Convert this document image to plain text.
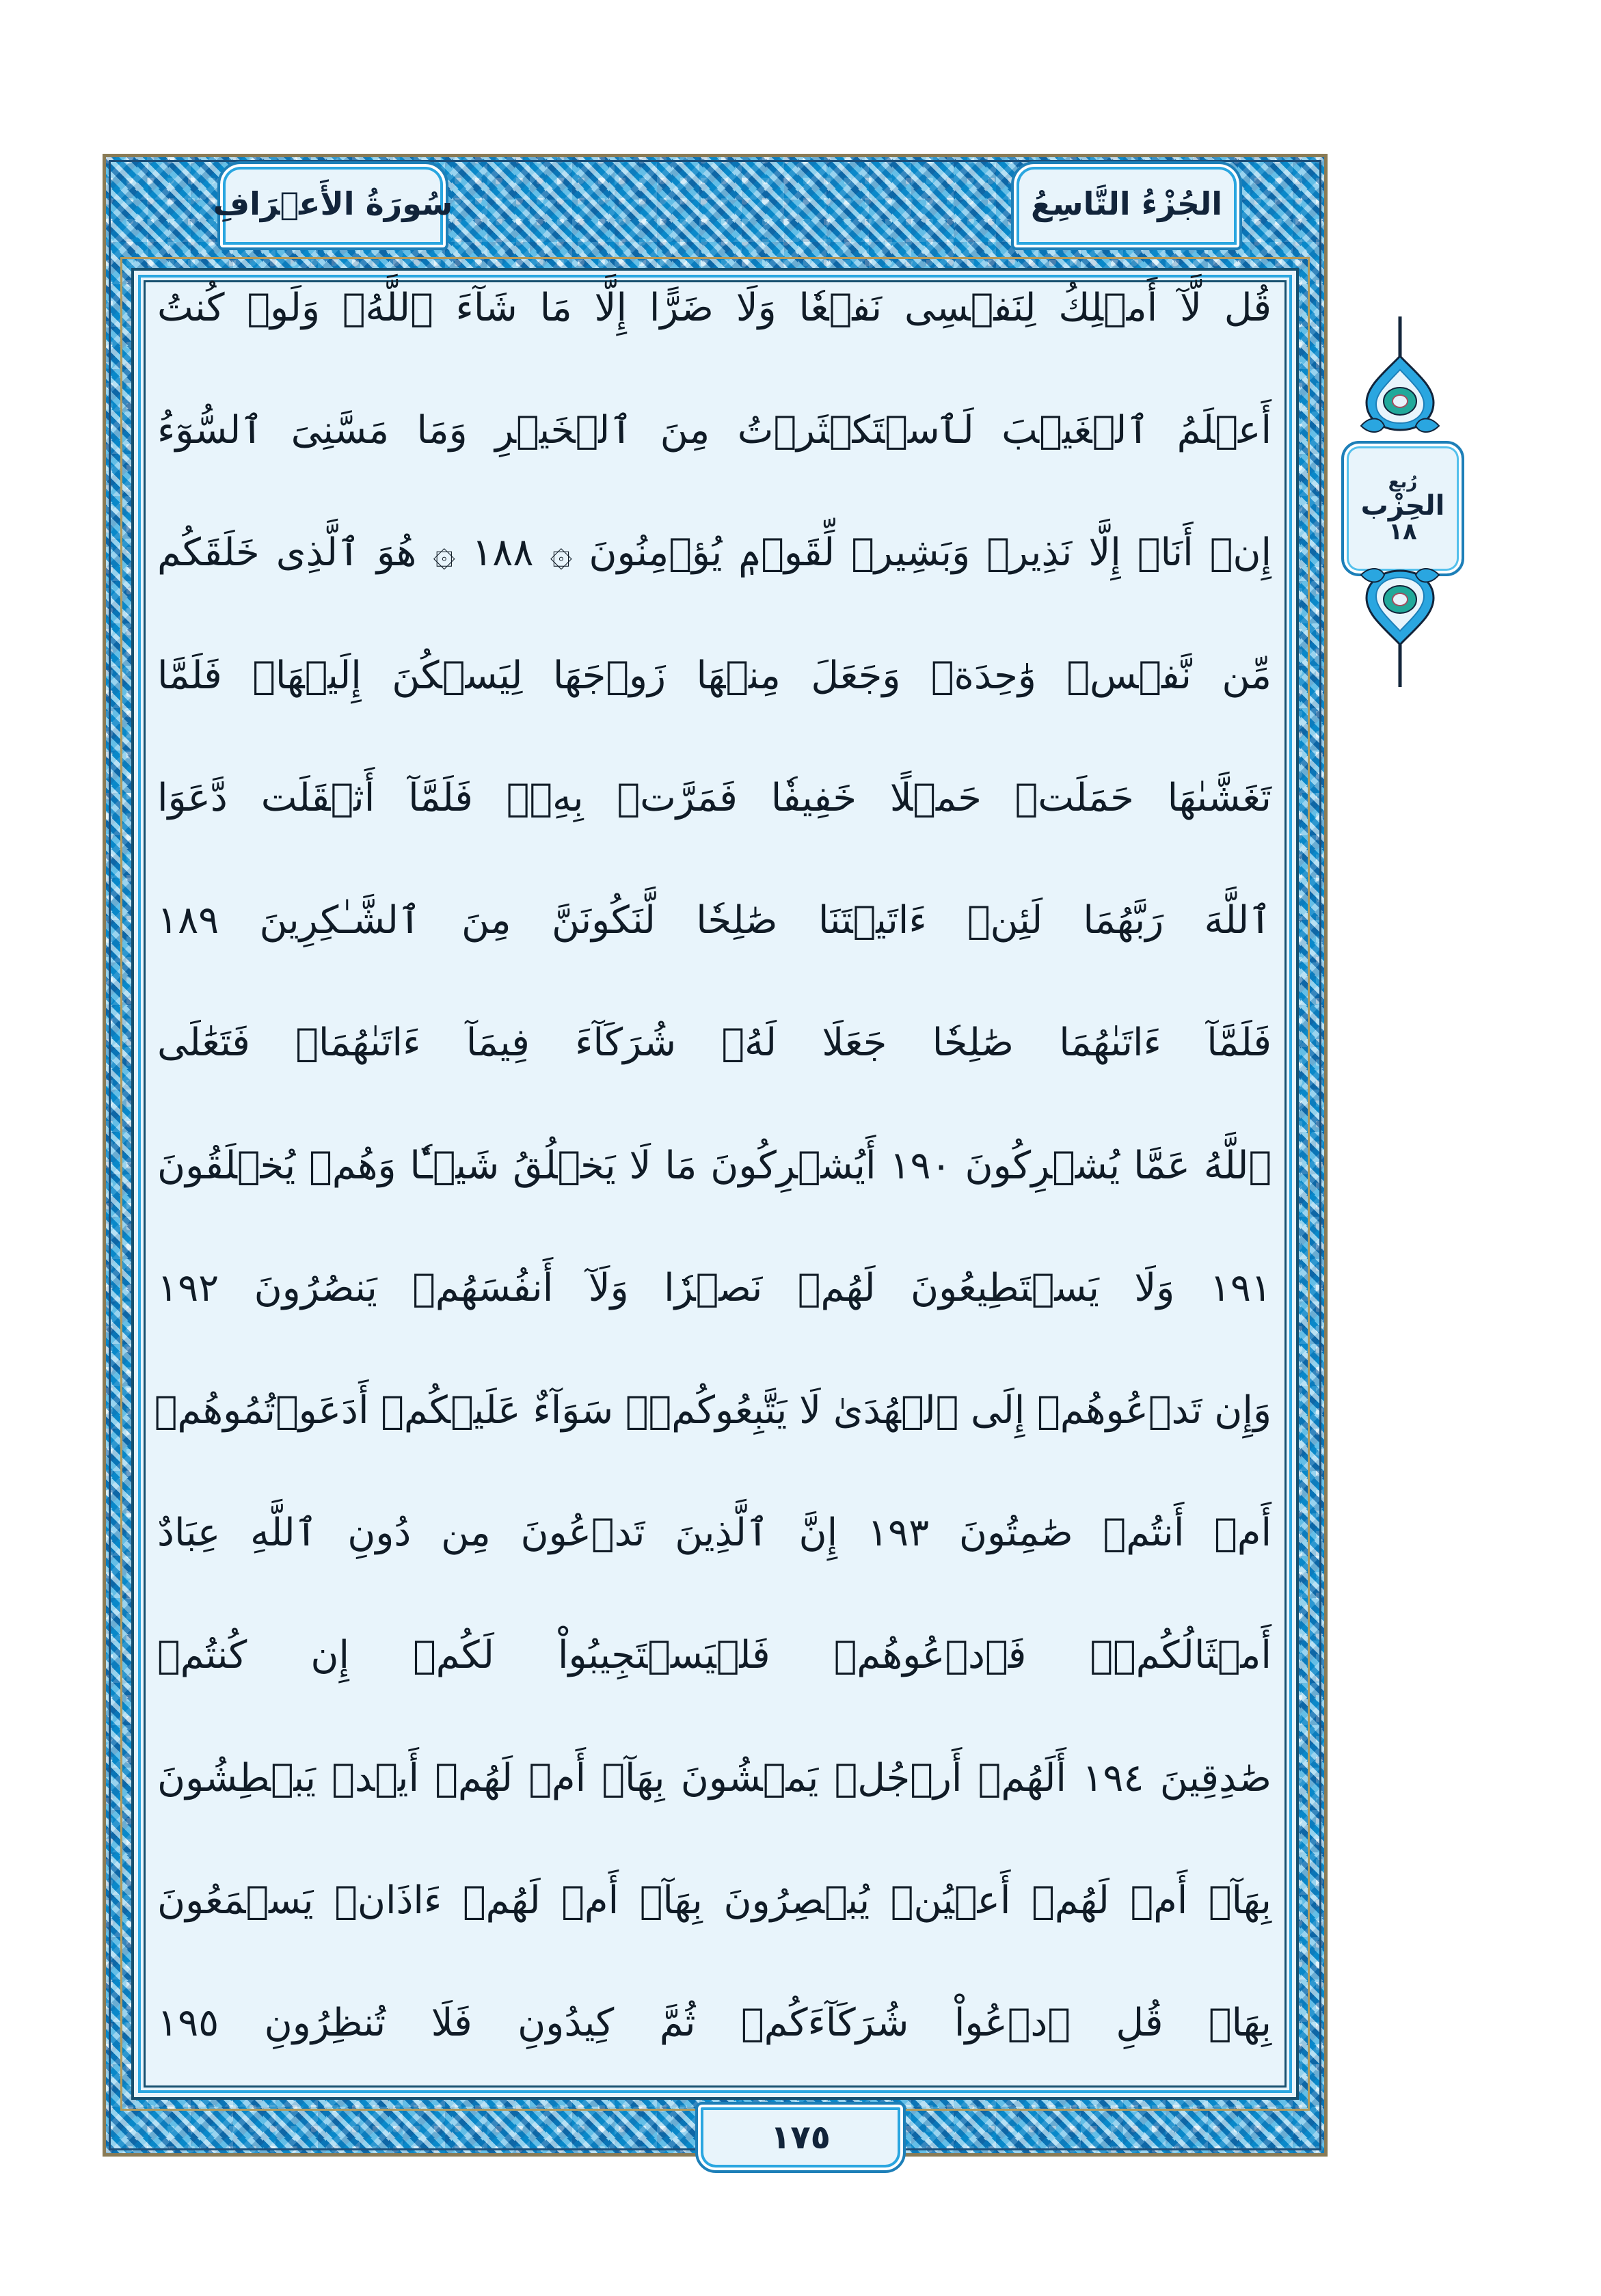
الجُزْءُ التَّاسِعُ
سُورَةُ الأَعۡرَافِ
رُبع
الحِزْب
١٨
قُل لَّآ أَمۡلِكُ لِنَفۡسِى نَفۡعٗا وَلَا ضَرًّا إِلَّا مَا شَآءَ ٱللَّهُۚ وَلَوۡ كُنتُ
أَعۡلَمُ ٱلۡغَيۡبَ لَٱسۡتَكۡثَرۡتُ مِنَ ٱلۡخَيۡرِ وَمَا مَسَّنِىَ ٱلسُّوٓءُ
إِنۡ أَنَا۠ إِلَّا نَذِيرٞ وَبَشِيرٞ لِّقَوۡمٖ يُؤۡمِنُونَ ۞ ١٨٨ ۞ هُوَ ٱلَّذِى خَلَقَكُم
مِّن نَّفۡسٖ وَٰحِدَةٖ وَجَعَلَ مِنۡهَا زَوۡجَهَا لِيَسۡكُنَ إِلَيۡهَاۖ فَلَمَّا
تَغَشَّىٰهَا حَمَلَتۡ حَمۡلًا خَفِيفٗا فَمَرَّتۡ بِهِۦۖ فَلَمَّآ أَثۡقَلَت دَّعَوَا
ٱللَّهَ رَبَّهُمَا لَئِنۡ ءَاتَيۡتَنَا صَٰلِحٗا لَّنَكُونَنَّ مِنَ ٱلشَّـٰكِرِينَ ١٨٩
فَلَمَّآ ءَاتَىٰهُمَا صَٰلِحٗا جَعَلَا لَهُۥ شُرَكَآءَ فِيمَآ ءَاتَىٰهُمَاۚ فَتَعَٰلَى
ٱللَّهُ عَمَّا يُشۡرِكُونَ ١٩٠ أَيُشۡرِكُونَ مَا لَا يَخۡلُقُ شَيۡـٔٗا وَهُمۡ يُخۡلَقُونَ
١٩١ وَلَا يَسۡتَطِيعُونَ لَهُمۡ نَصۡرٗا وَلَآ أَنفُسَهُمۡ يَنصُرُونَ ١٩٢
وَإِن تَدۡعُوهُمۡ إِلَى ٱلۡهُدَىٰ لَا يَتَّبِعُوكُمۡۚ سَوَآءٌ عَلَيۡكُمۡ أَدَعَوۡتُمُوهُمۡ
أَمۡ أَنتُمۡ صَٰمِتُونَ ١٩٣ إِنَّ ٱلَّذِينَ تَدۡعُونَ مِن دُونِ ٱللَّهِ عِبَادٌ
أَمۡثَالُكُمۡۖ فَٱدۡعُوهُمۡ فَلۡيَسۡتَجِيبُواْ لَكُمۡ إِن كُنتُمۡ
صَٰدِقِينَ ١٩٤ أَلَهُمۡ أَرۡجُلٞ يَمۡشُونَ بِهَآۖ أَمۡ لَهُمۡ أَيۡدٖ يَبۡطِشُونَ
بِهَآۖ أَمۡ لَهُمۡ أَعۡيُنٞ يُبۡصِرُونَ بِهَآۖ أَمۡ لَهُمۡ ءَاذَانٞ يَسۡمَعُونَ
بِهَاۗ قُلِ ٱدۡعُواْ شُرَكَآءَكُمۡ ثُمَّ كِيدُونِ فَلَا تُنظِرُونِ ١٩٥
١٧٥
